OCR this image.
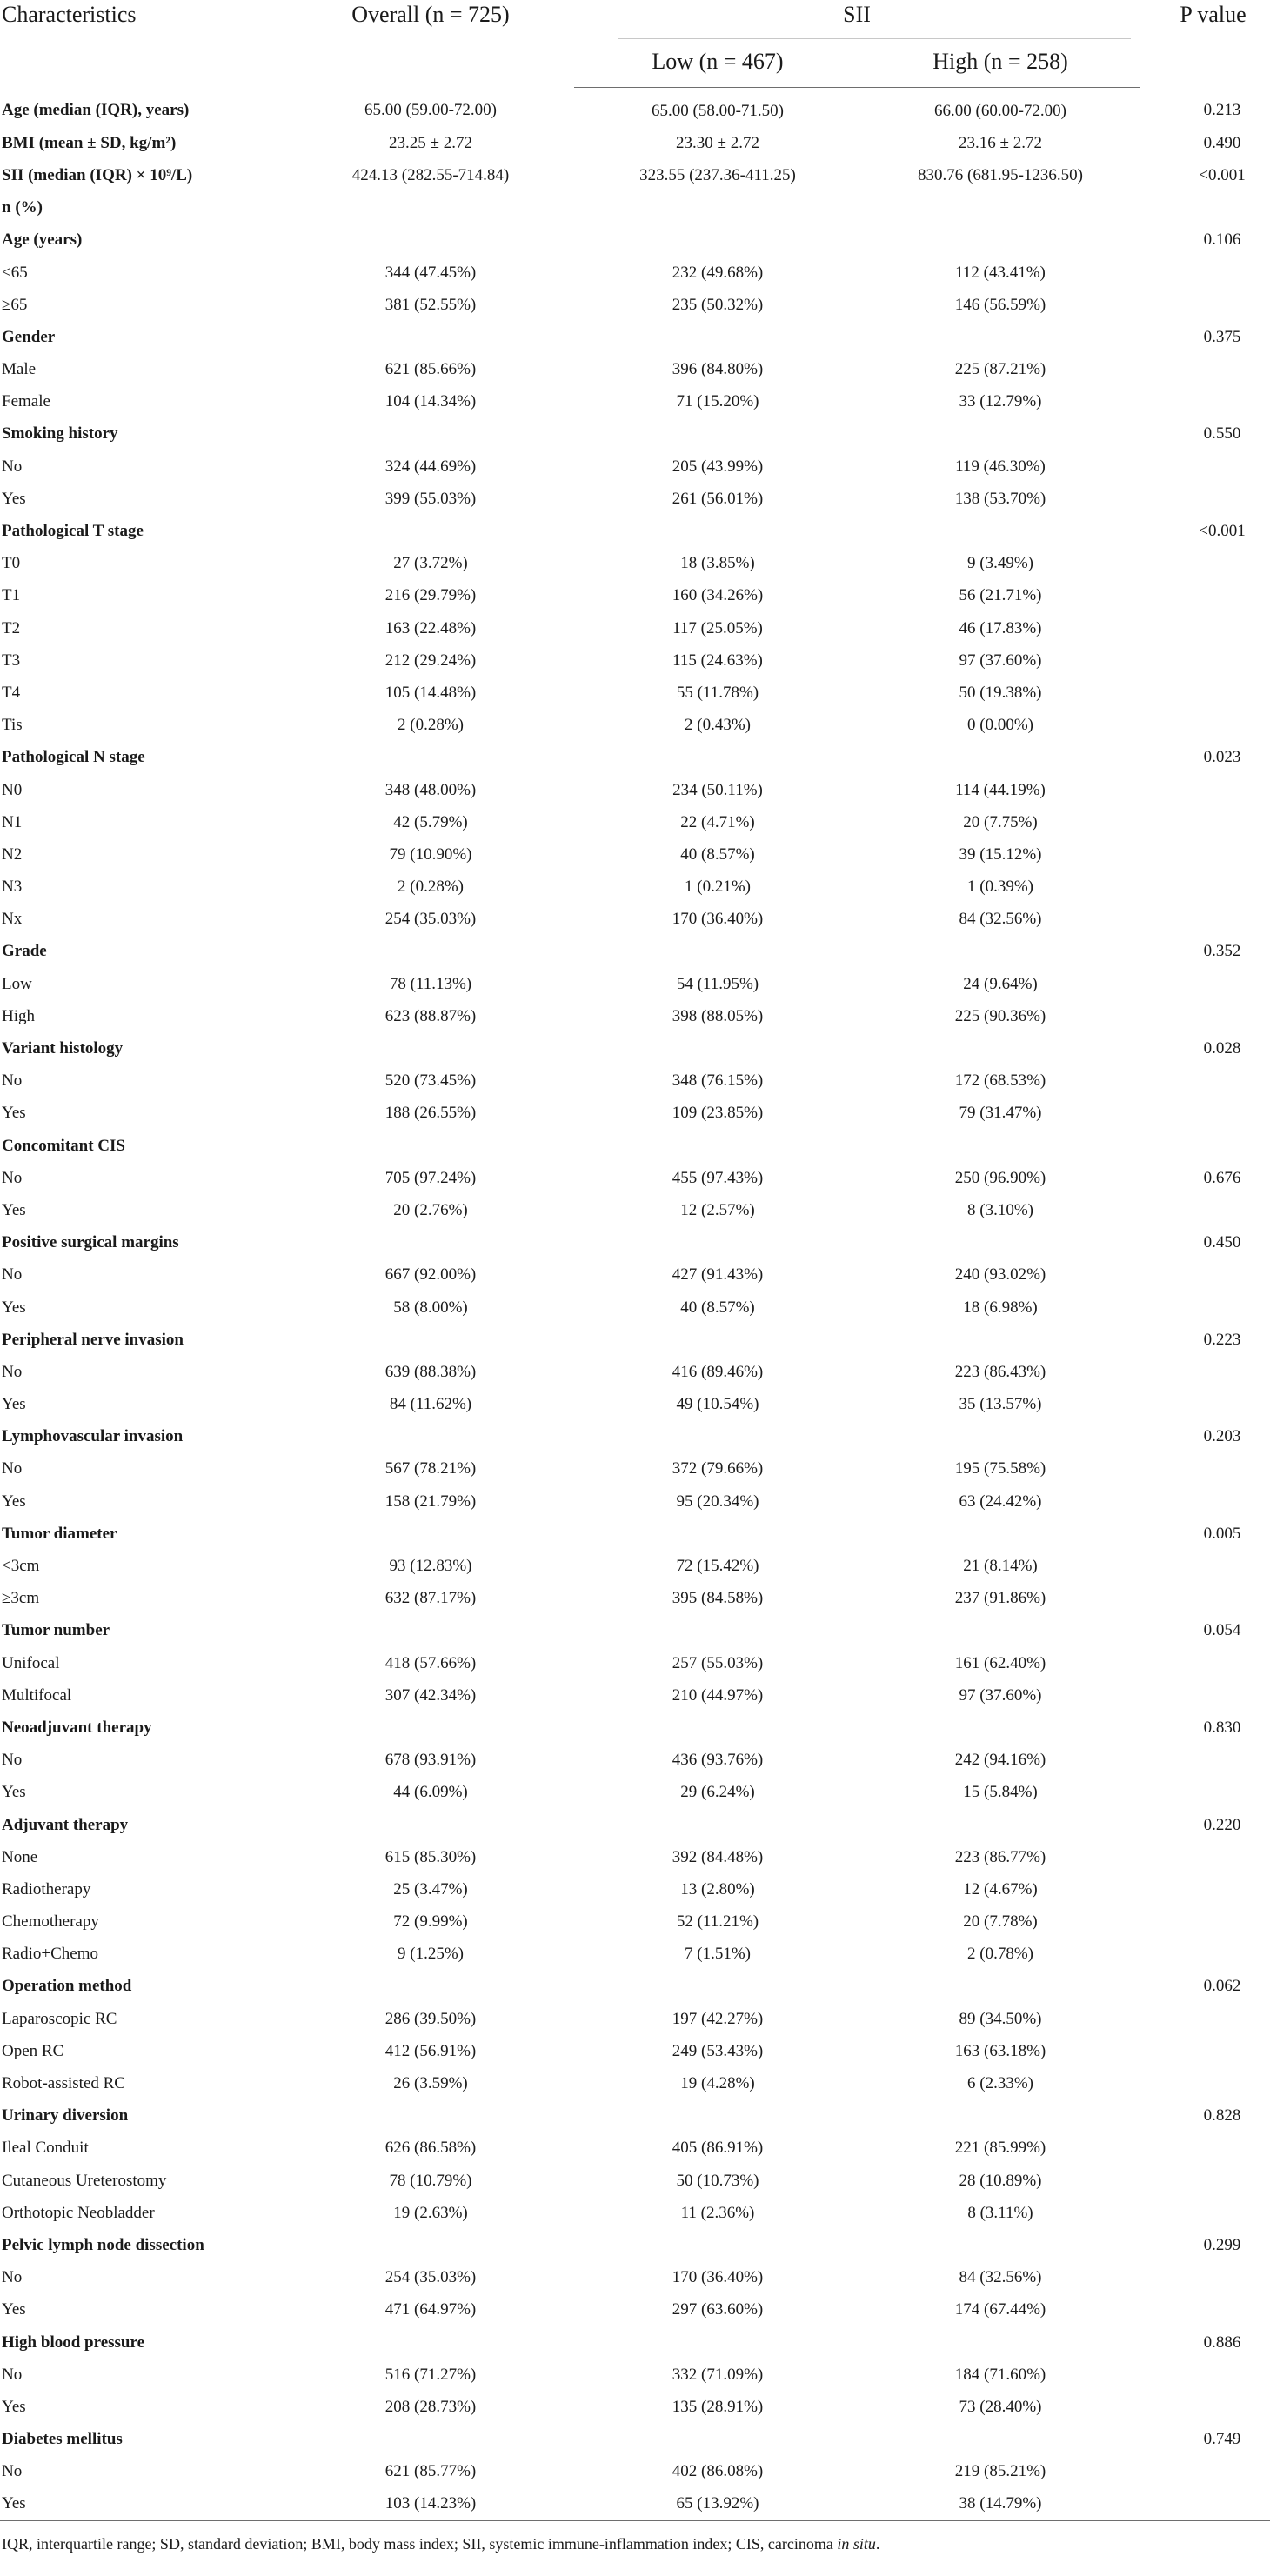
Characteristics	Overall (n = 725)	SII		P value
		Low (n = 467)	High (n = 258)	
Age (median (IQR), years)	65.00 (59.00-72.00)	65.00 (58.00-71.50)	66.00 (60.00-72.00)	0.213
BMI (mean ± SD, kg/m²)	23.25 ± 2.72	23.30 ± 2.72	23.16 ± 2.72	0.490
SII (median (IQR) × 10⁹/L)	424.13 (282.55-714.84)	323.55 (237.36-411.25)	830.76 (681.95-1236.50)	<0.001
n (%)				
Age (years)				0.106
<65	344 (47.45%)	232 (49.68%)	112 (43.41%)	
≥65	381 (52.55%)	235 (50.32%)	146 (56.59%)	
Gender				0.375
Male	621 (85.66%)	396 (84.80%)	225 (87.21%)	
Female	104 (14.34%)	71 (15.20%)	33 (12.79%)	
Smoking history				0.550
No	324 (44.69%)	205 (43.99%)	119 (46.30%)	
Yes	399 (55.03%)	261 (56.01%)	138 (53.70%)	
Pathological T stage				<0.001
T0	27 (3.72%)	18 (3.85%)	9 (3.49%)	
T1	216 (29.79%)	160 (34.26%)	56 (21.71%)	
T2	163 (22.48%)	117 (25.05%)	46 (17.83%)	
T3	212 (29.24%)	115 (24.63%)	97 (37.60%)	
T4	105 (14.48%)	55 (11.78%)	50 (19.38%)	
Tis	2 (0.28%)	2 (0.43%)	0 (0.00%)	
Pathological N stage				0.023
N0	348 (48.00%)	234 (50.11%)	114 (44.19%)	
N1	42 (5.79%)	22 (4.71%)	20 (7.75%)	
N2	79 (10.90%)	40 (8.57%)	39 (15.12%)	
N3	2 (0.28%)	1 (0.21%)	1 (0.39%)	
Nx	254 (35.03%)	170 (36.40%)	84 (32.56%)	
Grade				0.352
Low	78 (11.13%)	54 (11.95%)	24 (9.64%)	
High	623 (88.87%)	398 (88.05%)	225 (90.36%)	
Variant histology				0.028
No	520 (73.45%)	348 (76.15%)	172 (68.53%)	
Yes	188 (26.55%)	109 (23.85%)	79 (31.47%)	
Concomitant CIS				
No	705 (97.24%)	455 (97.43%)	250 (96.90%)	0.676
Yes	20 (2.76%)	12 (2.57%)	8 (3.10%)	
Positive surgical margins				0.450
No	667 (92.00%)	427 (91.43%)	240 (93.02%)	
Yes	58 (8.00%)	40 (8.57%)	18 (6.98%)	
Peripheral nerve invasion				0.223
No	639 (88.38%)	416 (89.46%)	223 (86.43%)	
Yes	84 (11.62%)	49 (10.54%)	35 (13.57%)	
Lymphovascular invasion				0.203
No	567 (78.21%)	372 (79.66%)	195 (75.58%)	
Yes	158 (21.79%)	95 (20.34%)	63 (24.42%)	
Tumor diameter				0.005
<3cm	93 (12.83%)	72 (15.42%)	21 (8.14%)	
≥3cm	632 (87.17%)	395 (84.58%)	237 (91.86%)	
Tumor number				0.054
Unifocal	418 (57.66%)	257 (55.03%)	161 (62.40%)	
Multifocal	307 (42.34%)	210 (44.97%)	97 (37.60%)	
Neoadjuvant therapy				0.830
No	678 (93.91%)	436 (93.76%)	242 (94.16%)	
Yes	44 (6.09%)	29 (6.24%)	15 (5.84%)	
Adjuvant therapy				0.220
None	615 (85.30%)	392 (84.48%)	223 (86.77%)	
Radiotherapy	25 (3.47%)	13 (2.80%)	12 (4.67%)	
Chemotherapy	72 (9.99%)	52 (11.21%)	20 (7.78%)	
Radio+Chemo	9 (1.25%)	7 (1.51%)	2 (0.78%)	
Operation method				0.062
Laparoscopic RC	286 (39.50%)	197 (42.27%)	89 (34.50%)	
Open RC	412 (56.91%)	249 (53.43%)	163 (63.18%)	
Robot-assisted RC	26 (3.59%)	19 (4.28%)	6 (2.33%)	
Urinary diversion				0.828
Ileal Conduit	626 (86.58%)	405 (86.91%)	221 (85.99%)	
Cutaneous Ureterostomy	78 (10.79%)	50 (10.73%)	28 (10.89%)	
Orthotopic Neobladder	19 (2.63%)	11 (2.36%)	8 (3.11%)	
Pelvic lymph node dissection				0.299
No	254 (35.03%)	170 (36.40%)	84 (32.56%)	
Yes	471 (64.97%)	297 (63.60%)	174 (67.44%)	
High blood pressure				0.886
No	516 (71.27%)	332 (71.09%)	184 (71.60%)	
Yes	208 (28.73%)	135 (28.91%)	73 (28.40%)	
Diabetes mellitus				0.749
No	621 (85.77%)	402 (86.08%)	219 (85.21%)	
Yes	103 (14.23%)	65 (13.92%)	38 (14.79%)	
IQR, interquartile range; SD, standard deviation; BMI, body mass index; SII, systemic immune-inflammation index; CIS, carcinoma in situ.
